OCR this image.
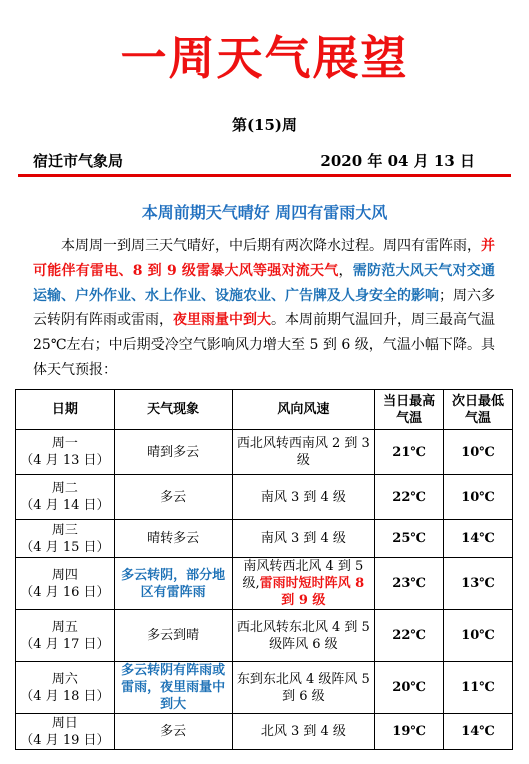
一周天气展望
第(15)周
宿迁市气象局	2020 年 04 月 13 日
本周前期天气晴好 周四有雷雨大风
本周周一到周三天气晴好，中后期有两次降水过程。周四有雷阵雨，并可能伴有雷电、8 到 9 级雷暴大风等强对流天气，需防范大风天气对交通运输、户外作业、水上作业、设施农业、广告牌及人身安全的影响；周六多云转阴有阵雨或雷雨，夜里雨量中到大。本周前期气温回升，周三最高气温 25℃左右；中后期受冷空气影响风力增大至 5 到 6 级，气温小幅下降。具体天气预报：
日期	天气现象	风向风速	当日最高气温	次日最低气温

周一
（4 月 13 日）	晴到多云	西北风转西南风 2 到 3 级	21℃	10℃

周二
（4 月 14 日）	多云	南风 3 到 4 级	22℃	10℃

周三
（4 月 15 日）	晴转多云	南风 3 到 4 级	25℃	14℃

周四
（4 月 16 日）	多云转阴，部分地区有雷阵雨	南风转西北风 4 到 5 级,雷雨时短时阵风 8 到 9 级	23℃	13℃

周五
（4 月 17 日）	多云到晴	西北风转东北风 4 到 5 级阵风 6 级	22℃	10℃

周六
（4 月 18 日）	多云转阴有阵雨或雷雨，夜里雨量中到大	东到东北风 4 级阵风 5 到 6 级	20℃	11℃

周日
（4 月 19 日）	多云	北风 3 到 4 级	19℃	14℃
